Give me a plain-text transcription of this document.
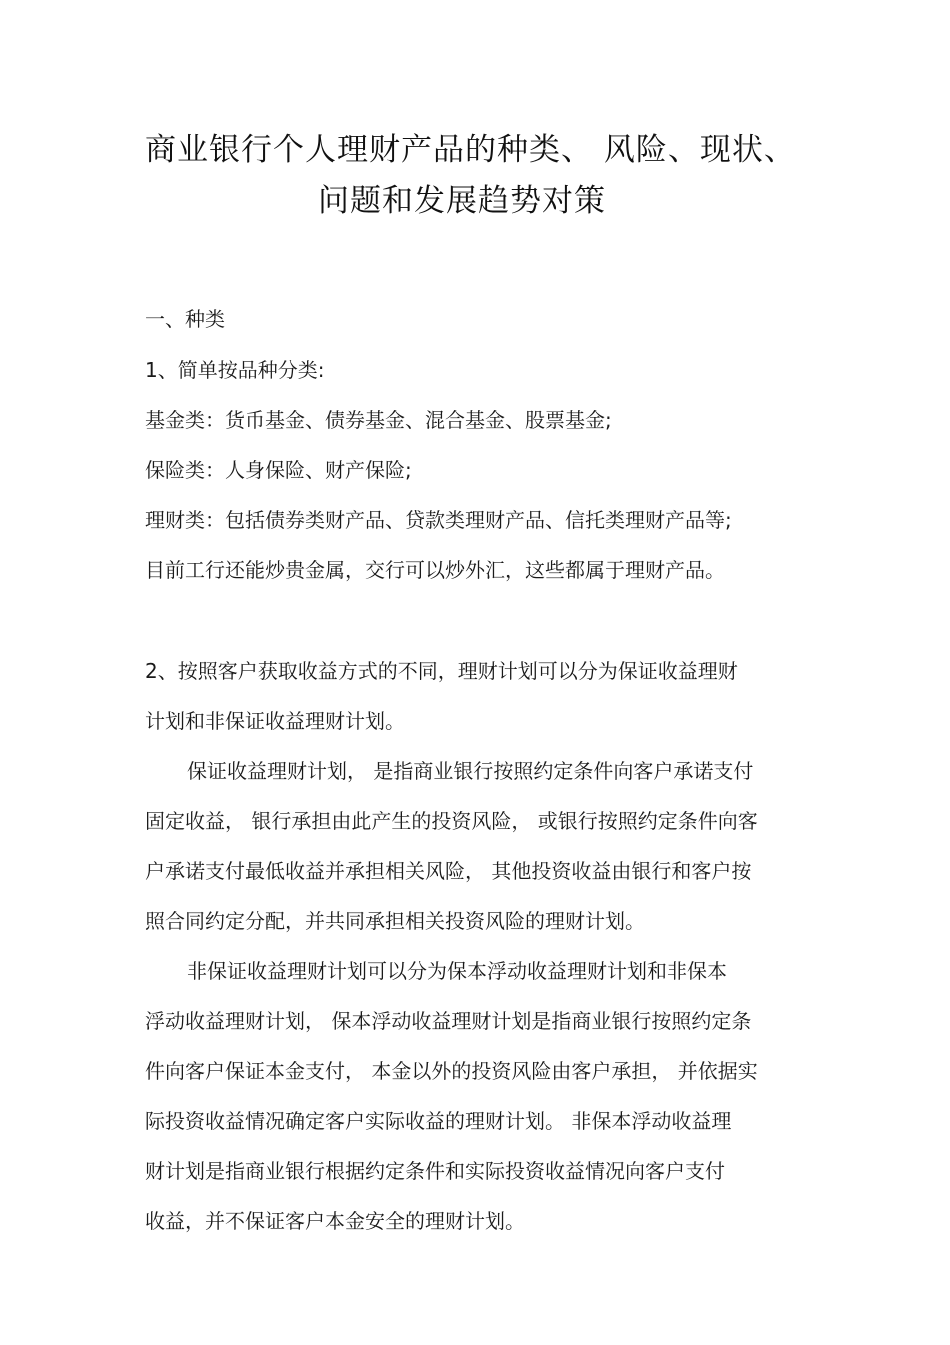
商业银行个人理财产品的种类、 风险、现状、
问题和发展趋势对策
一、种类
1、简单按品种分类:
基金类：货币基金、债券基金、混合基金、股票基金;
保险类：人身保险、财产保险;
理财类：包括债券类财产品、贷款类理财产品、信托类理财产品等;
目前工行还能炒贵金属，交行可以炒外汇，这些都属于理财产品。
2、按照客户获取收益方式的不同，理财计划可以分为保证收益理财
计划和非保证收益理财计划。
保证收益理财计划， 是指商业银行按照约定条件向客户承诺支付
固定收益， 银行承担由此产生的投资风险， 或银行按照约定条件向客
户承诺支付最低收益并承担相关风险， 其他投资收益由银行和客户按
照合同约定分配，并共同承担相关投资风险的理财计划。
非保证收益理财计划可以分为保本浮动收益理财计划和非保本
浮动收益理财计划， 保本浮动收益理财计划是指商业银行按照约定条
件向客户保证本金支付， 本金以外的投资风险由客户承担， 并依据实
际投资收益情况确定客户实际收益的理财计划。 非保本浮动收益理
财计划是指商业银行根据约定条件和实际投资收益情况向客户支付
收益，并不保证客户本金安全的理财计划。
